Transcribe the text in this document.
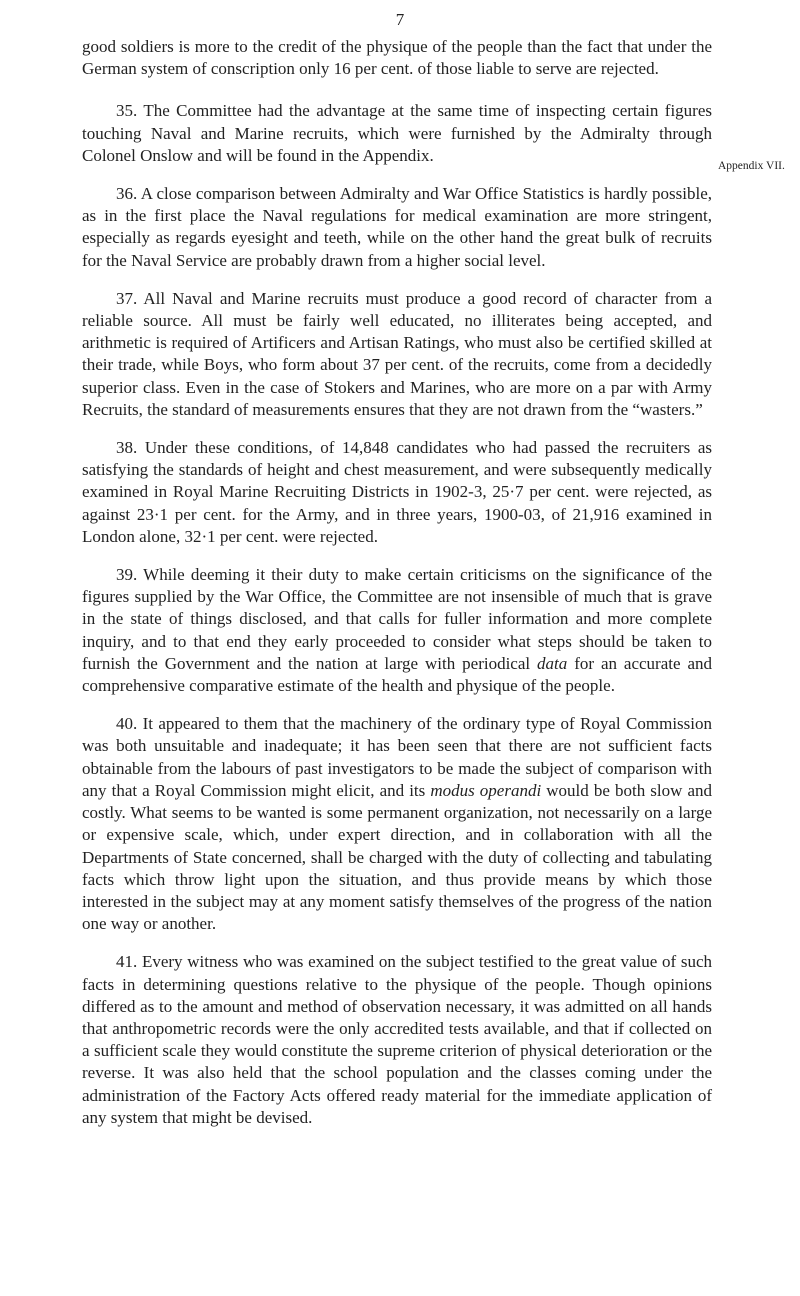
7
Appendix VII.

good soldiers is more to the credit of the physique of the people than the fact that under the German system of conscription only 16 per cent. of those liable to serve are rejected.

35. The Committee had the advantage at the same time of inspecting certain figures touching Naval and Marine recruits, which were furnished by the Admiralty through Colonel Onslow and will be found in the Appendix.

36. A close comparison between Admiralty and War Office Statistics is hardly possible, as in the first place the Naval regulations for medical examination are more stringent, especially as regards eyesight and teeth, while on the other hand the great bulk of recruits for the Naval Service are probably drawn from a higher social level.

37. All Naval and Marine recruits must produce a good record of character from a reliable source. All must be fairly well educated, no illiterates being accepted, and arithmetic is required of Artificers and Artisan Ratings, who must also be certified skilled at their trade, while Boys, who form about 37 per cent. of the recruits, come from a decidedly superior class. Even in the case of Stokers and Marines, who are more on a par with Army Recruits, the standard of measurements ensures that they are not drawn from the “wasters.”

38. Under these conditions, of 14,848 candidates who had passed the recruiters as satisfying the standards of height and chest measurement, and were subsequently medically examined in Royal Marine Recruiting Districts in 1902-3, 25·7 per cent. were rejected, as against 23·1 per cent. for the Army, and in three years, 1900-03, of 21,916 examined in London alone, 32·1 per cent. were rejected.

39. While deeming it their duty to make certain criticisms on the significance of the figures supplied by the War Office, the Committee are not insensible of much that is grave in the state of things disclosed, and that calls for fuller information and more complete inquiry, and to that end they early proceeded to consider what steps should be taken to furnish the Government and the nation at large with periodical data for an accurate and comprehensive comparative estimate of the health and physique of the people.

40. It appeared to them that the machinery of the ordinary type of Royal Commission was both unsuitable and inadequate; it has been seen that there are not sufficient facts obtainable from the labours of past investigators to be made the subject of comparison with any that a Royal Commission might elicit, and its modus operandi would be both slow and costly. What seems to be wanted is some permanent organization, not necessarily on a large or expensive scale, which, under expert direction, and in collaboration with all the Departments of State concerned, shall be charged with the duty of collecting and tabulating facts which throw light upon the situation, and thus provide means by which those interested in the subject may at any moment satisfy themselves of the progress of the nation one way or another.

41. Every witness who was examined on the subject testified to the great value of such facts in determining questions relative to the physique of the people. Though opinions differed as to the amount and method of observation necessary, it was admitted on all hands that anthropometric records were the only accredited tests available, and that if collected on a sufficient scale they would constitute the supreme criterion of physical deterioration or the reverse. It was also held that the school population and the classes coming under the administration of the Factory Acts offered ready material for the immediate application of any system that might be devised.
